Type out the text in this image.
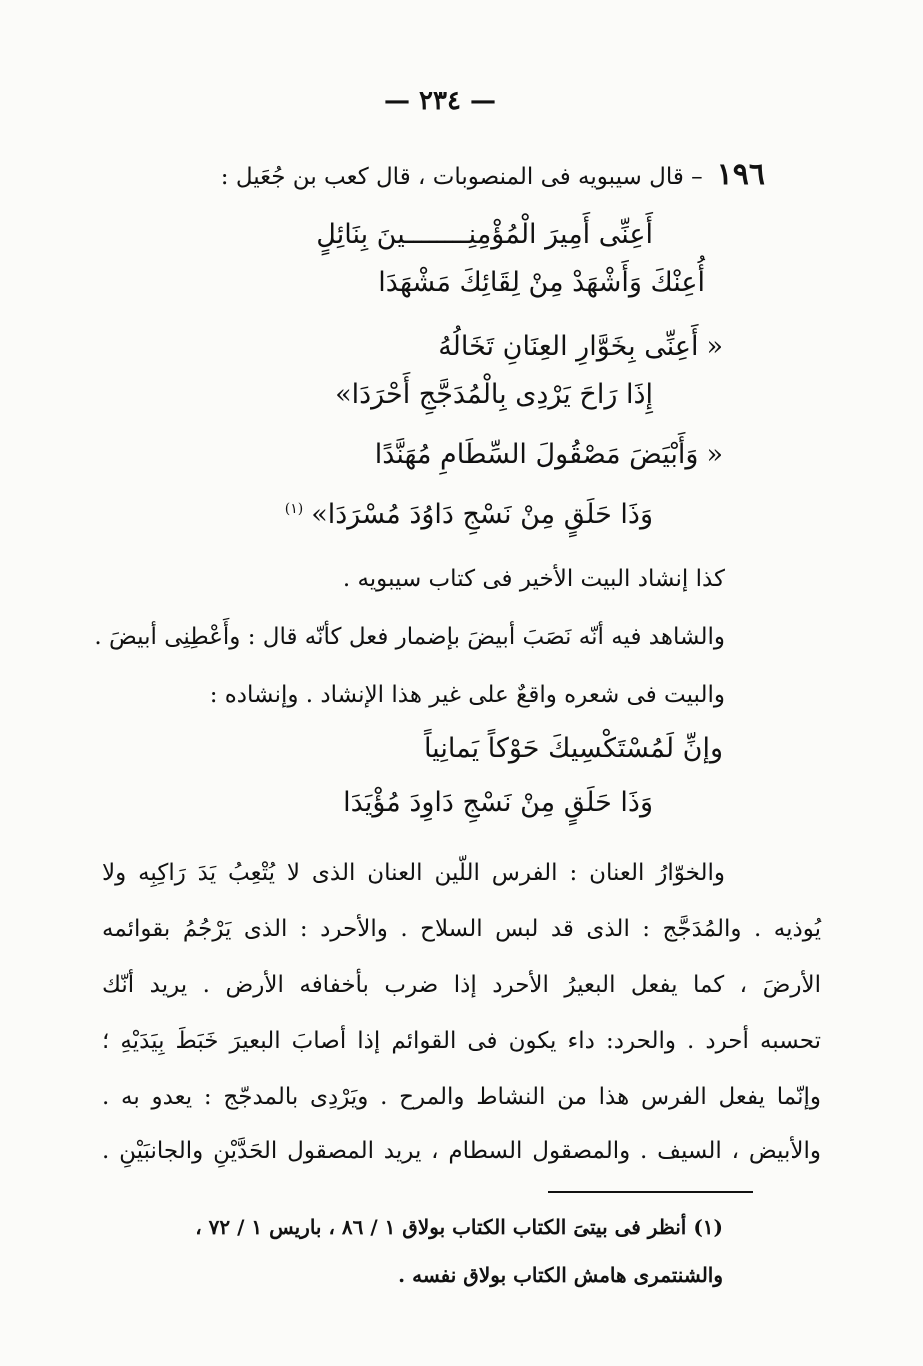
— ٢٣٤ —
١٩٦– قال سيبويه فى المنصوبات ، قال كعب بن جُعَيل :
أَعِنِّى أَمِيرَ الْمُؤْمِنِــــــــينَ بِنَائِلٍ
أُعِنْكَ وَأَشْهَدْ مِنْ لِقَائِكَ مَشْهَدَا
«أَعِنِّى بِخَوَّارِ العِنَانِ تَخَالُهُ
إِذَا رَاحَ يَرْدِى بِالْمُدَجَّجِ أَحْرَدَا»
«وَأَبْيَضَ مَصْقُولَ السِّطَامِ مُهَنَّدًا
وَذَا حَلَقٍ مِنْ نَسْجِ دَاوُدَ مُسْرَدَا»$^{(١)}$
كذا إنشاد البيت الأخير فى كتاب سيبويه .
والشاهد فيه أنّه نَصَبَ أبيضَ بإضمار فعل كأنّه قال : وأَعْطِنِى أبيضَ .
والبيت فى شعره واقعٌ على غير هذا الإنشاد . وإنشاده :
وإنِّ لَمُسْتَكْسِيكَ حَوْكاً يَمانِياً
وَذَا حَلَقٍ مِنْ نَسْجِ دَاوِدَ مُؤْيَدَا
والخوّارُ العنان : الفرس اللّين العنان الذى لا يُتْعِبُ يَدَ رَاكِبِه ولا
يُوذيه . والمُدَجَّج : الذى قد لبس السلاح . والأحرد : الذى يَرْجُمُ بقوائمه
الأرضَ ، كما يفعل البعيرُ الأحرد إذا ضرب بأخفافه الأرض . يريد أنّك
تحسبه أحرد . والحرد: داء يكون فى القوائم إذا أصابَ البعيرَ خَبَطَ بِيَدَيْهِ ؛
وإنّما يفعل الفرس هذا من النشاط والمرح . ويَرْدِى بالمدجّج : يعدو به .
والأبيض ، السيف . والمصقول السطام ، يريد المصقول الحَدَّيْنِ والجانبَيْنِ .
(١) أنظر فى بيتىَ الكتاب الكتاب بولاق ١ / ٨٦ ، باريس ١ / ٧٢ ،
والشنتمرى هامش الكتاب بولاق نفسه .
